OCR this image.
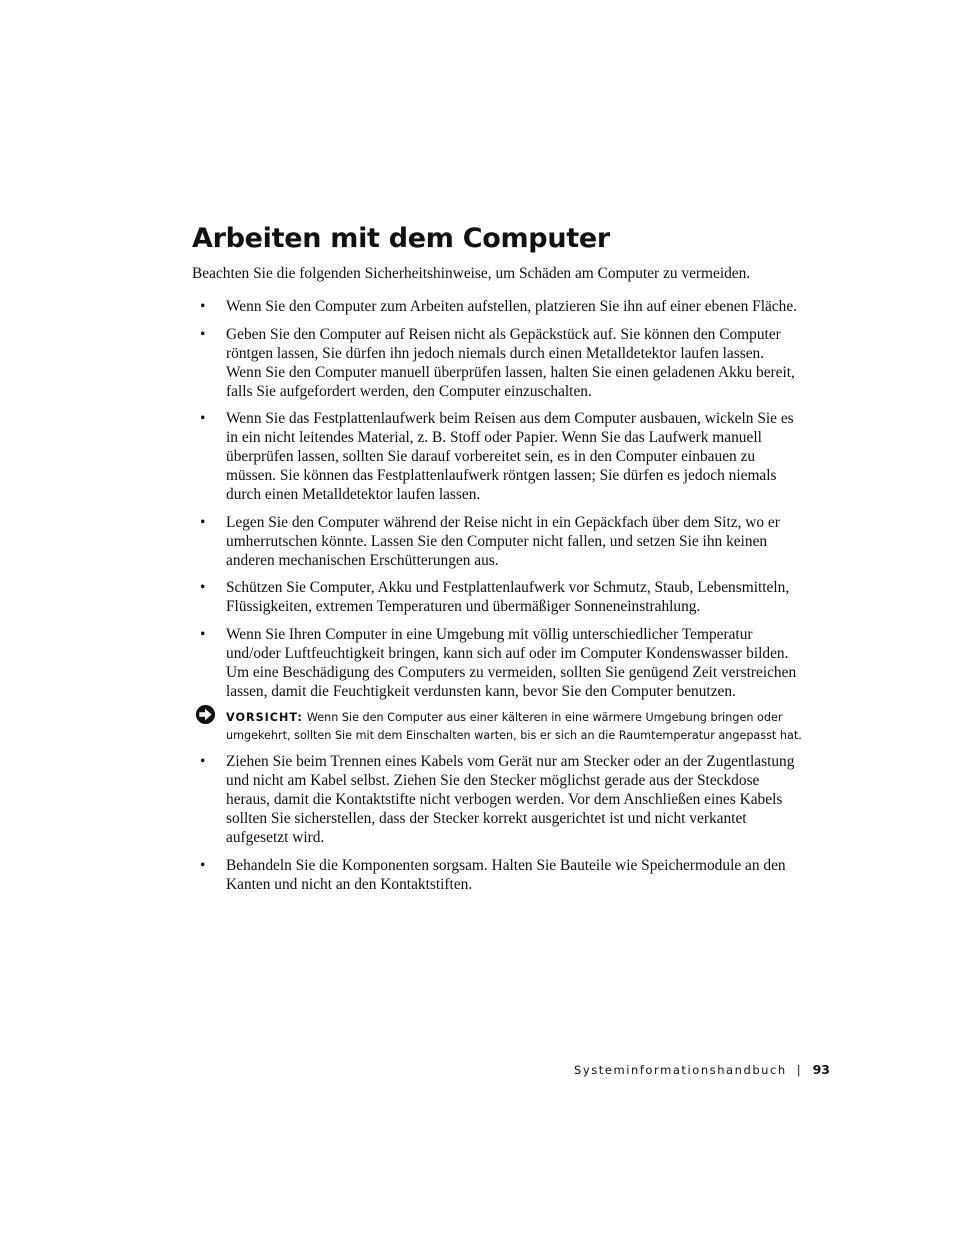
Arbeiten mit dem Computer

Beachten Sie die folgenden Sicherheitshinweise, um Schäden am Computer zu vermeiden.

• Wenn Sie den Computer zum Arbeiten aufstellen, platzieren Sie ihn auf einer ebenen Fläche.
• Geben Sie den Computer auf Reisen nicht als Gepäckstück auf. Sie können den Computer röntgen lassen, Sie dürfen ihn jedoch niemals durch einen Metalldetektor laufen lassen. Wenn Sie den Computer manuell überprüfen lassen, halten Sie einen geladenen Akku bereit, falls Sie aufgefordert werden, den Computer einzuschalten.
• Wenn Sie das Festplattenlaufwerk beim Reisen aus dem Computer ausbauen, wickeln Sie es in ein nicht leitendes Material, z. B. Stoff oder Papier. Wenn Sie das Laufwerk manuell überprüfen lassen, sollten Sie darauf vorbereitet sein, es in den Computer einbauen zu müssen. Sie können das Festplattenlaufwerk röntgen lassen; Sie dürfen es jedoch niemals durch einen Metalldetektor laufen lassen.
• Legen Sie den Computer während der Reise nicht in ein Gepäckfach über dem Sitz, wo er umherrutschen könnte. Lassen Sie den Computer nicht fallen, und setzen Sie ihn keinen anderen mechanischen Erschütterungen aus.
• Schützen Sie Computer, Akku und Festplattenlaufwerk vor Schmutz, Staub, Lebensmitteln, Flüssigkeiten, extremen Temperaturen und übermäßiger Sonneneinstrahlung.
• Wenn Sie Ihren Computer in eine Umgebung mit völlig unterschiedlicher Temperatur und/oder Luftfeuchtigkeit bringen, kann sich auf oder im Computer Kondenswasser bilden. Um eine Beschädigung des Computers zu vermeiden, sollten Sie genügend Zeit verstreichen lassen, damit die Feuchtigkeit verdunsten kann, bevor Sie den Computer benutzen.
VORSICHT: Wenn Sie den Computer aus einer kälteren in eine wärmere Umgebung bringen oder umgekehrt, sollten Sie mit dem Einschalten warten, bis er sich an die Raumtemperatur angepasst hat.
• Ziehen Sie beim Trennen eines Kabels vom Gerät nur am Stecker oder an der Zugentlastung und nicht am Kabel selbst. Ziehen Sie den Stecker möglichst gerade aus der Steckdose heraus, damit die Kontaktstifte nicht verbogen werden. Vor dem Anschließen eines Kabels sollten Sie sicherstellen, dass der Stecker korrekt ausgerichtet ist und nicht verkantet aufgesetzt wird.
• Behandeln Sie die Komponenten sorgsam. Halten Sie Bauteile wie Speichermodule an den Kanten und nicht an den Kontaktstiften.
Systeminformationshandbuch | 93
